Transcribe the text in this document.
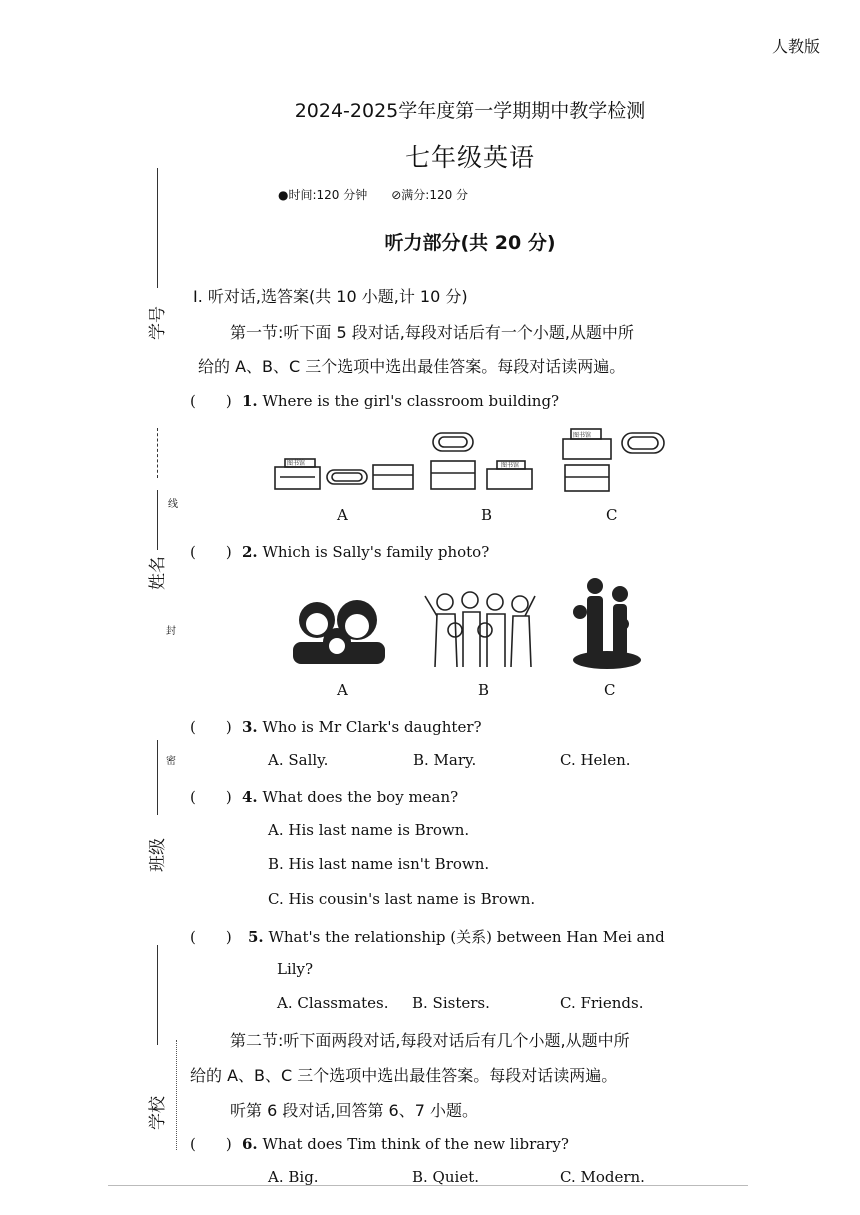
人教版
2024-2025学年度第一学期期中教学检测
七年级英语
●时间:120 分钟　　⊘满分:120 分
听力部分(共 20 分)
学号
线
姓名
封
密
班级
学校
Ⅰ. 听对话,选答案(共 10 小题,计 10 分)
第一节:听下面 5 段对话,每段对话后有一个小题,从题中所
给的 A、B、C 三个选项中选出最佳答案。每段对话读两遍。
(　　) 1. Where is the girl's classroom building?
图书馆	图书馆
图书馆
A	B	C
(　　) 2. Which is Sally's family photo?
A	B	C
(　　) 3. Who is Mr Clark's daughter?
A. Sally.	B. Mary.	C. Helen.
(　　) 4. What does the boy mean?
A. His last name is Brown.
B. His last name isn't Brown.
C. His cousin's last name is Brown.
(　　) 5. What's the relationship (关系) between Han Mei and
Lily?
A. Classmates. B. Sisters.	C. Friends.
第二节:听下面两段对话,每段对话后有几个小题,从题中所
给的 A、B、C 三个选项中选出最佳答案。每段对话读两遍。
听第 6 段对话,回答第 6、7 小题。
(　　) 6. What does Tim think of the new library?
A. Big.	B. Quiet.	C. Modern.
